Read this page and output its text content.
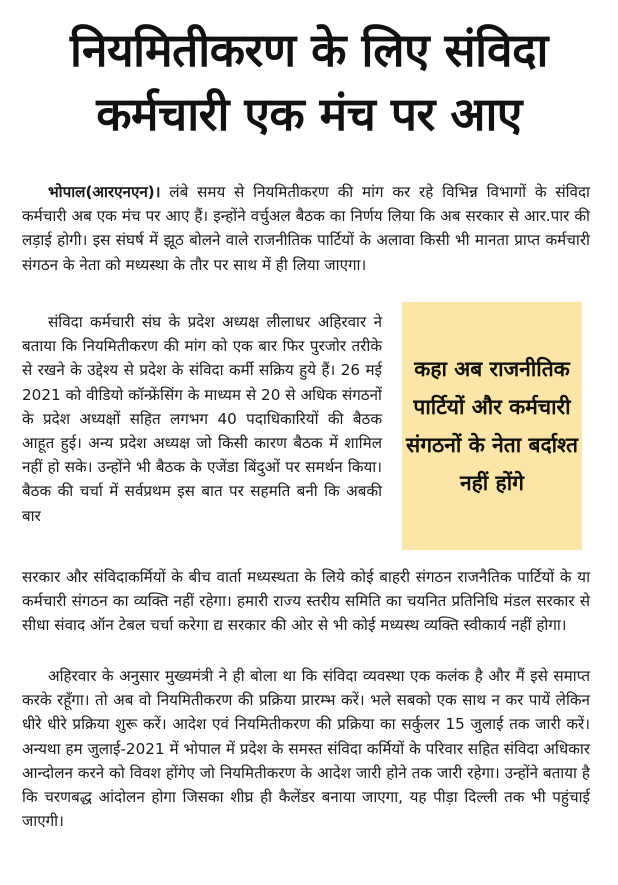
नियमितीकरण के लिए संविदा
कर्मचारी एक मंच पर आए

भोपाल(आरएनएन)। लंबे समय से नियमितीकरण की मांग कर रहे विभिन्न विभागों के संविदा कर्मचारी अब एक मंच पर आए हैं। इन्होंने वर्चुअल बैठक का निर्णय लिया कि अब सरकार से आर.पार की लड़ाई होगी। इस संघर्ष में झूठ बोलने वाले राजनीतिक पार्टियों के अलावा किसी भी मानता प्राप्त कर्मचारी संगठन के नेता को मध्यस्था के तौर पर साथ में ही लिया जाएगा।

संविदा कर्मचारी संघ के प्रदेश अध्यक्ष लीलाधर अहिरवार ने बताया कि नियमितीकरण की मांग को एक बार फिर पुरजोर तरीके से रखने के उद्देश्य से प्रदेश के संविदा कर्मी सक्रिय हुये हैं। 26 मई 2021 को वीडियो कॉन्फ्रेंसिंग के माध्यम से 20 से अधिक संगठनों के प्रदेश अध्यक्षों सहित लगभग 40 पदाधिकारियों की बैठक आहूत हुई। अन्य प्रदेश अध्यक्ष जो किसी कारण बैठक में शामिल नहीं हो सके। उन्होंने भी बैठक के एजेंडा बिंदुओं पर समर्थन किया। बैठक की चर्चा में सर्वप्रथम इस बात पर सहमति बनी कि अबकी बार

कहा अब राजनीतिक पार्टियों और कर्मचारी संगठनों के नेता बर्दाश्त नहीं होंगे

सरकार और संविदाकर्मियों के बीच वार्ता मध्यस्थता के लिये कोई बाहरी संगठन राजनैतिक पार्टियों के या कर्मचारी संगठन का व्यक्ति नहीं रहेगा। हमारी राज्य स्तरीय समिति का चयनित प्रतिनिधि मंडल सरकार से सीधा संवाद ऑन टेबल चर्चा करेगा द्य सरकार की ओर से भी कोई मध्यस्थ व्यक्ति स्वीकार्य नहीं होगा।

अहिरवार के अनुसार मुख्यमंत्री ने ही बोला था कि संविदा व्यवस्था एक कलंक है और मैं इसे समाप्त करके रहूँगा। तो अब वो नियमितीकरण की प्रक्रिया प्रारम्भ करें। भले सबको एक साथ न कर पायें लेकिन धीरे धीरे प्रक्रिया शुरू करें। आदेश एवं नियमितीकरण की प्रक्रिया का सर्कुलर 15 जुलाई तक जारी करें। अन्यथा हम जुलाई-2021 में भोपाल में प्रदेश के समस्त संविदा कर्मियों के परिवार सहित संविदा अधिकार आन्दोलन करने को विवश होंगेए जो नियमितीकरण के आदेश जारी होने तक जारी रहेगा। उन्होंने बताया है कि चरणबद्ध आंदोलन होगा जिसका शीघ्र ही कैलेंडर बनाया जाएगा, यह पीड़ा दिल्ली तक भी पहुंचाई जाएगी।
